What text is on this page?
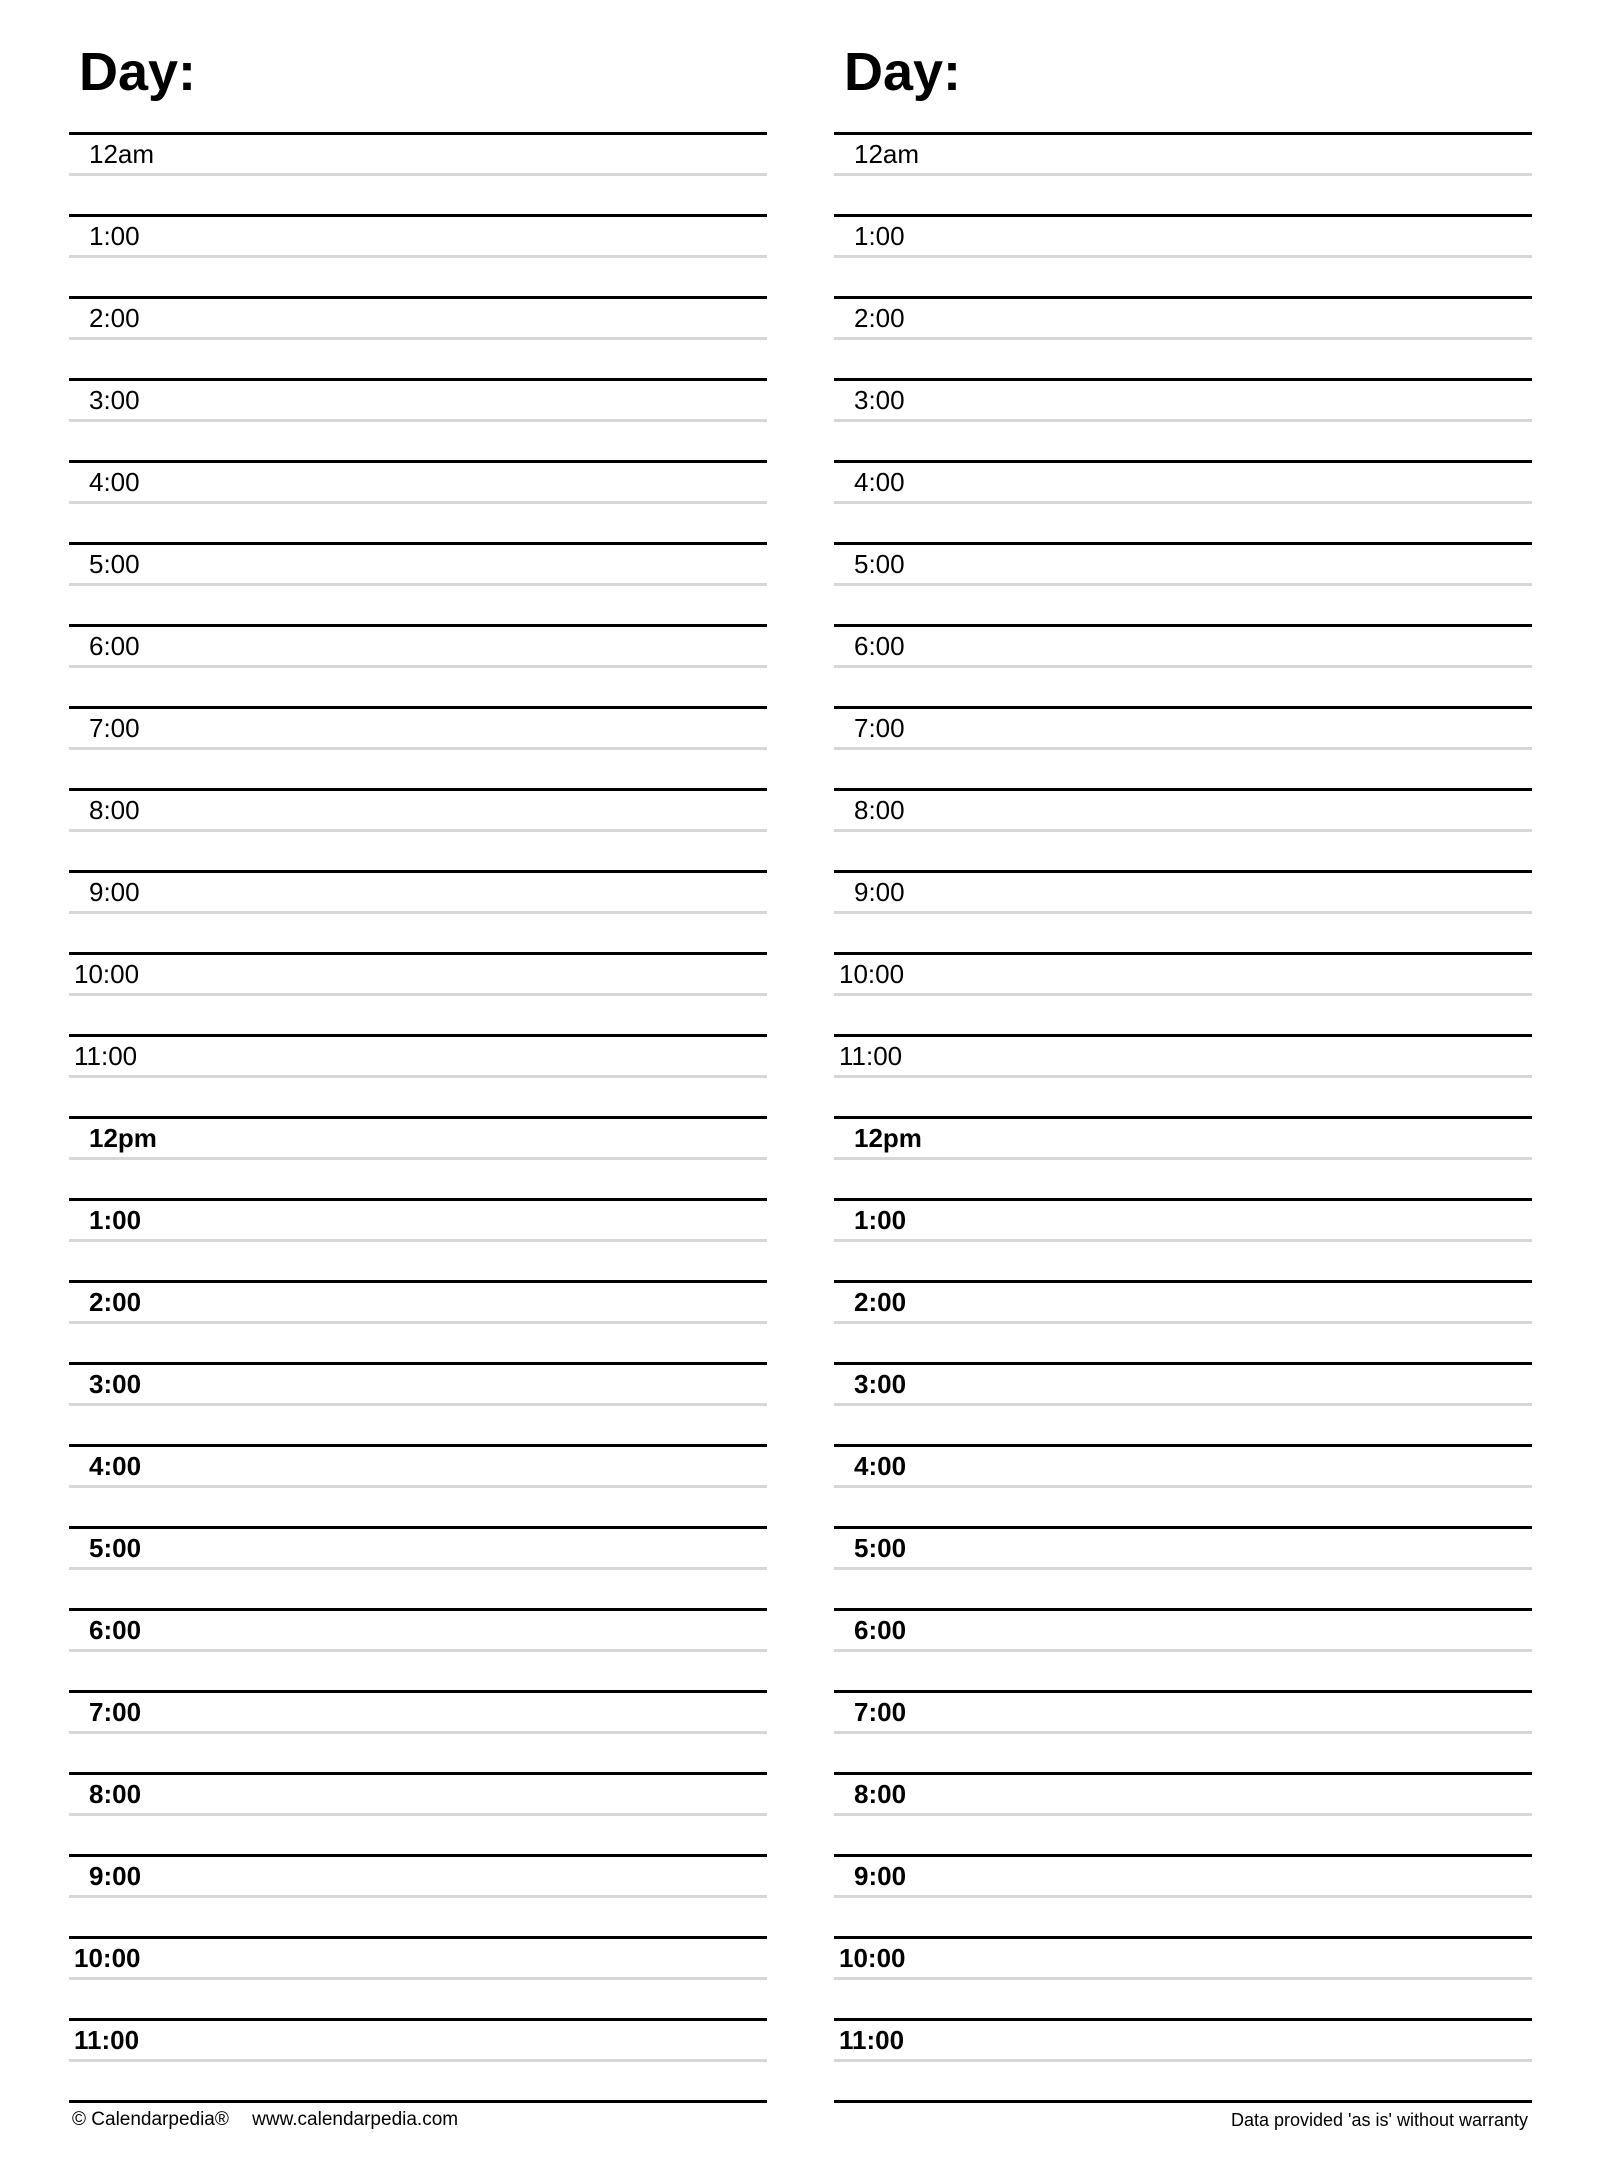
Day:
12am
1:00
2:00
3:00
4:00
5:00
6:00
7:00
8:00
9:00
10:00
11:00
12pm
1:00
2:00
3:00
4:00
5:00
6:00
7:00
8:00
9:00
10:00
11:00
© Calendarpedia® www.calendarpedia.com
Day:
12am
1:00
2:00
3:00
4:00
5:00
6:00
7:00
8:00
9:00
10:00
11:00
12pm
1:00
2:00
3:00
4:00
5:00
6:00
7:00
8:00
9:00
10:00
11:00
Data provided 'as is' without warranty
